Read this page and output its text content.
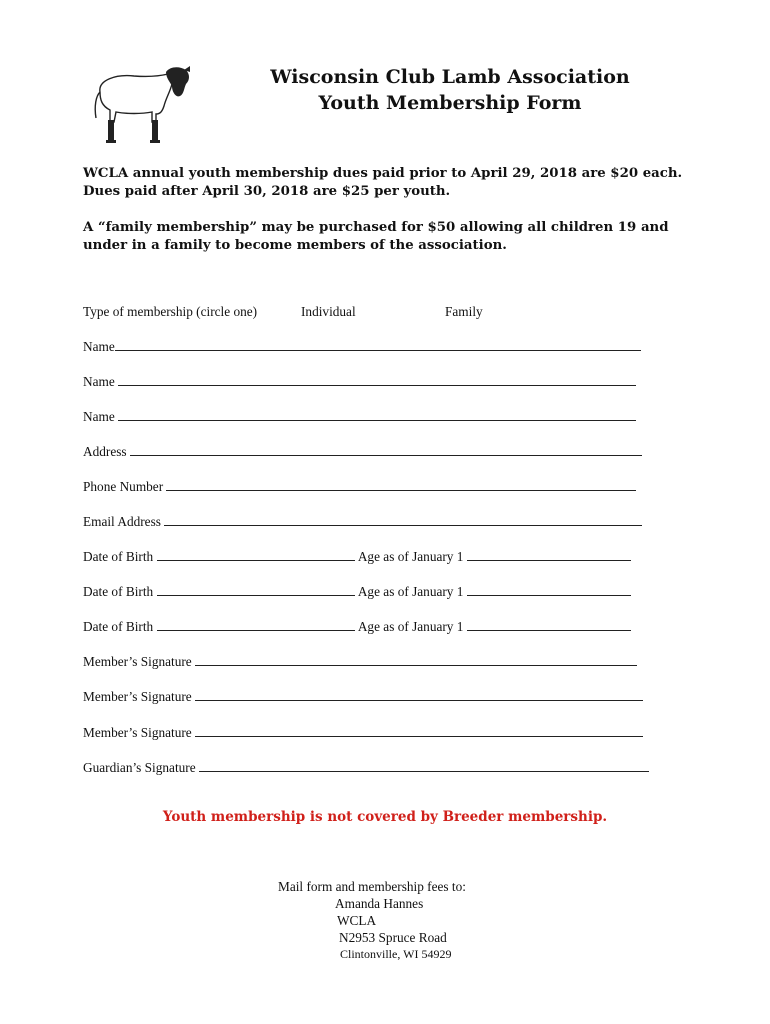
Wisconsin Club Lamb Association
Youth Membership Form
WCLA annual youth membership dues paid prior to April 29, 2018 are $20 each. Dues paid after April 30, 2018 are $25 per youth.
A “family membership” may be purchased for $50 allowing all children 19 and under in a family to become members of the association.
Type of membership (circle one)	Individual	Family
Name
Name
Name
Address
Phone Number
Email Address
Date of Birth	Age as of January 1
Date of Birth	Age as of January 1
Date of Birth	Age as of January 1
Member’s Signature
Member’s Signature
Member’s Signature
Guardian’s Signature
Youth membership is not covered by Breeder membership.
Mail form and membership fees to:
Amanda Hannes
WCLA
N2953 Spruce Road
Clintonville, WI 54929
